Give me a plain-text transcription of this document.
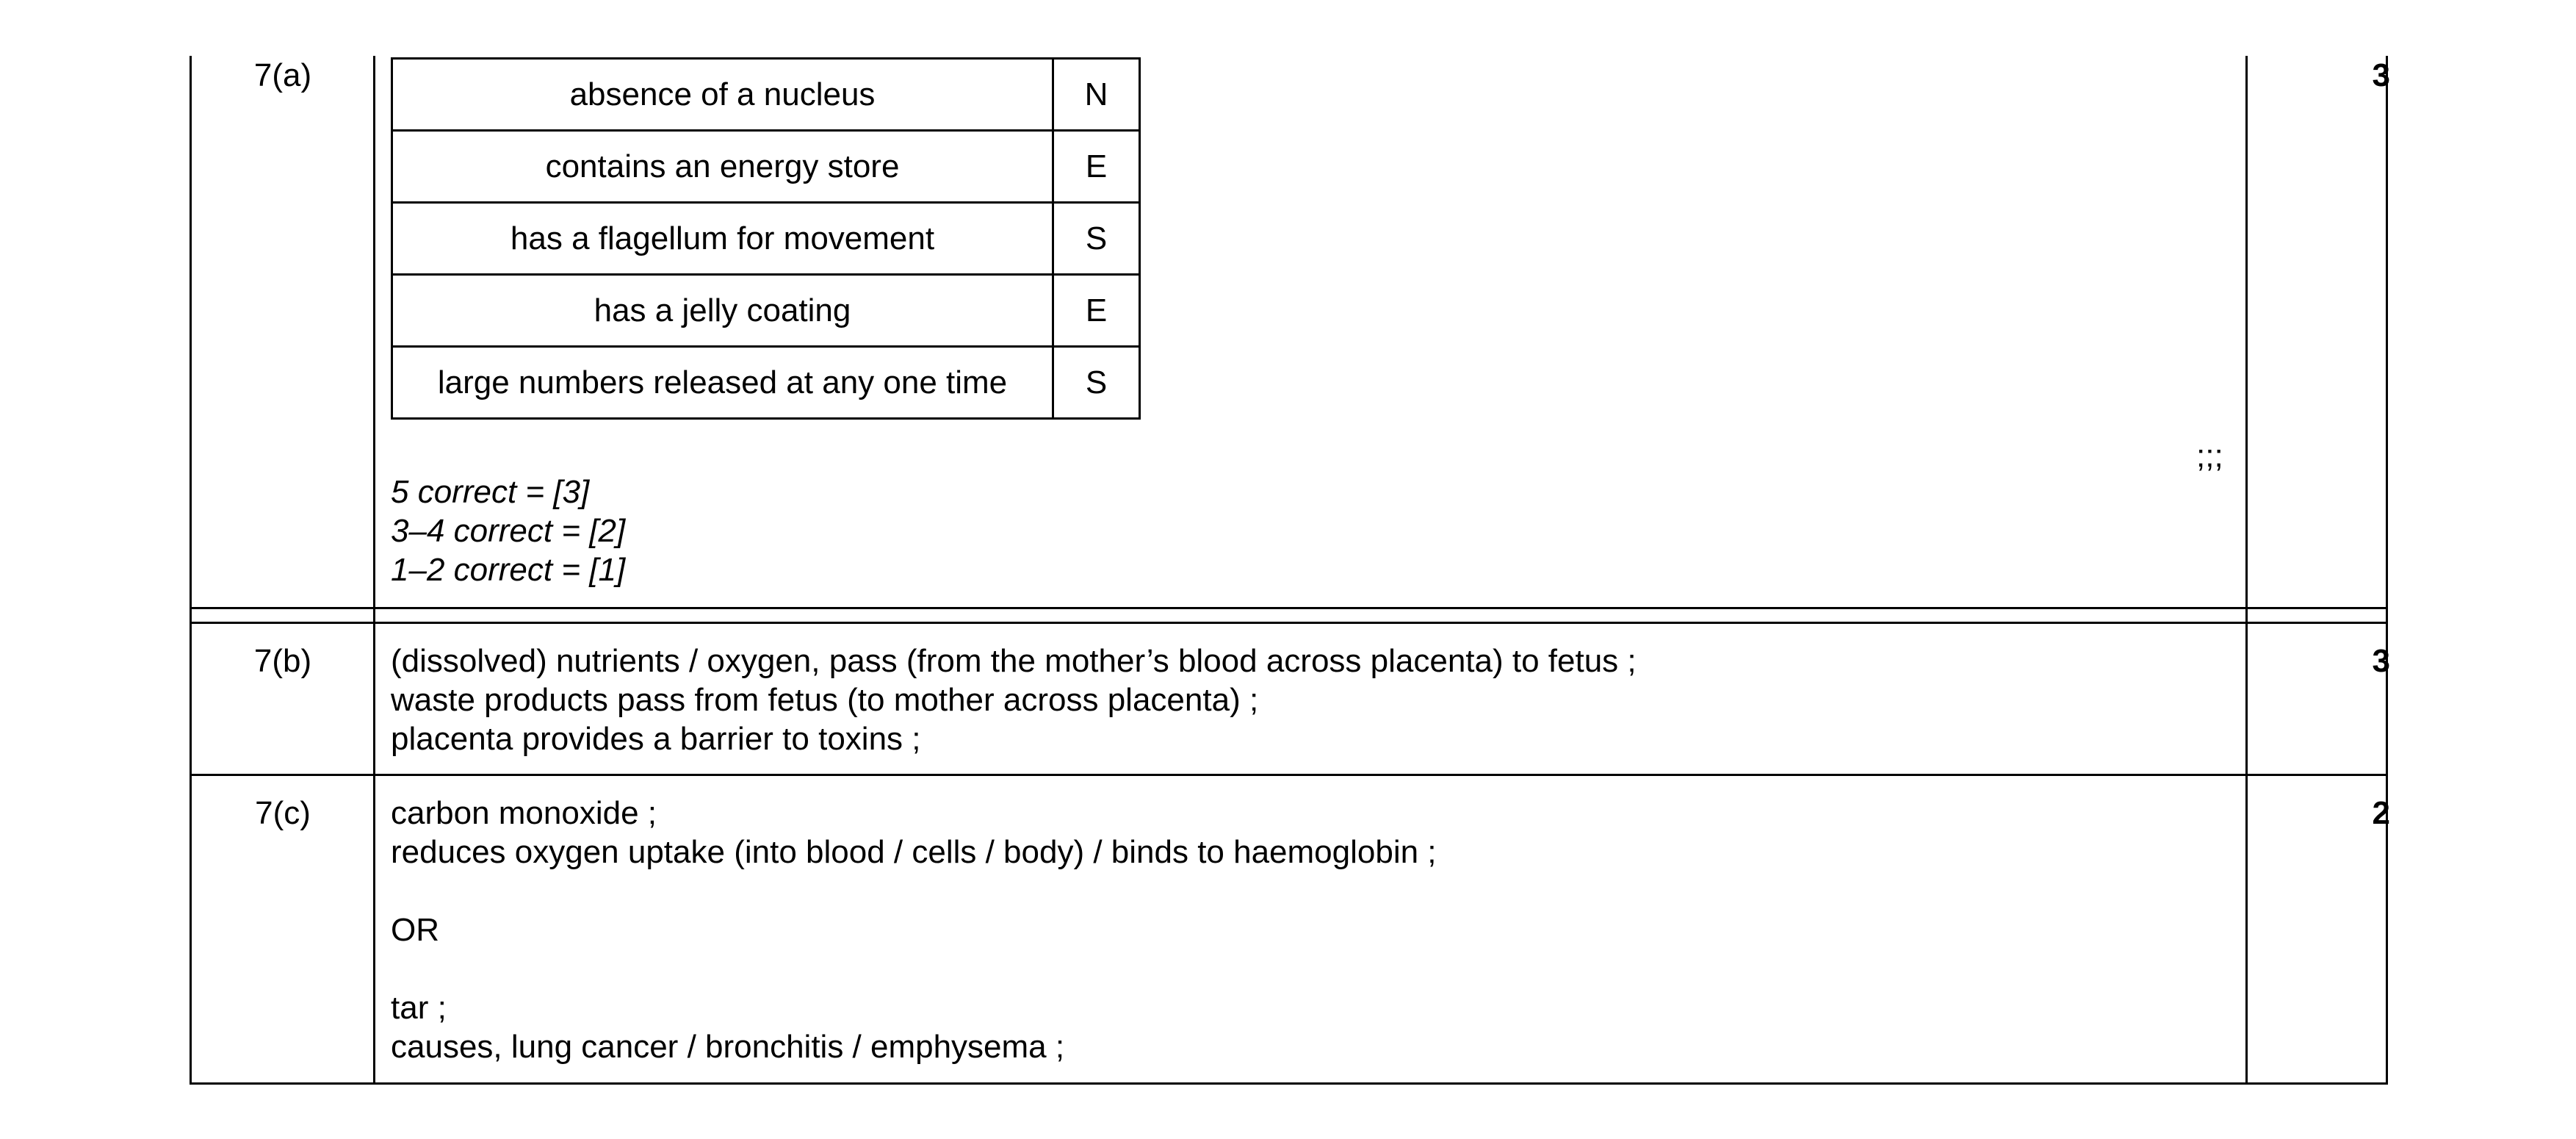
7(a)	3
absence of a nucleus	N
contains an energy store	E
has a flagellum for movement	S
has a jelly coating	E
large numbers released at any one time	S
;;;
5 correct = [3]
3–4 correct = [2]
1–2 correct = [1]
7(b)	3
(dissolved) nutrients / oxygen, pass (from the mother’s blood across placenta) to fetus ;
waste products pass from fetus (to mother across placenta) ;
placenta provides a barrier to toxins ;
7(c)	2
carbon monoxide ;
reduces oxygen uptake (into blood / cells / body) / binds to haemoglobin ;
OR
tar ;
causes, lung cancer / bronchitis / emphysema ;
